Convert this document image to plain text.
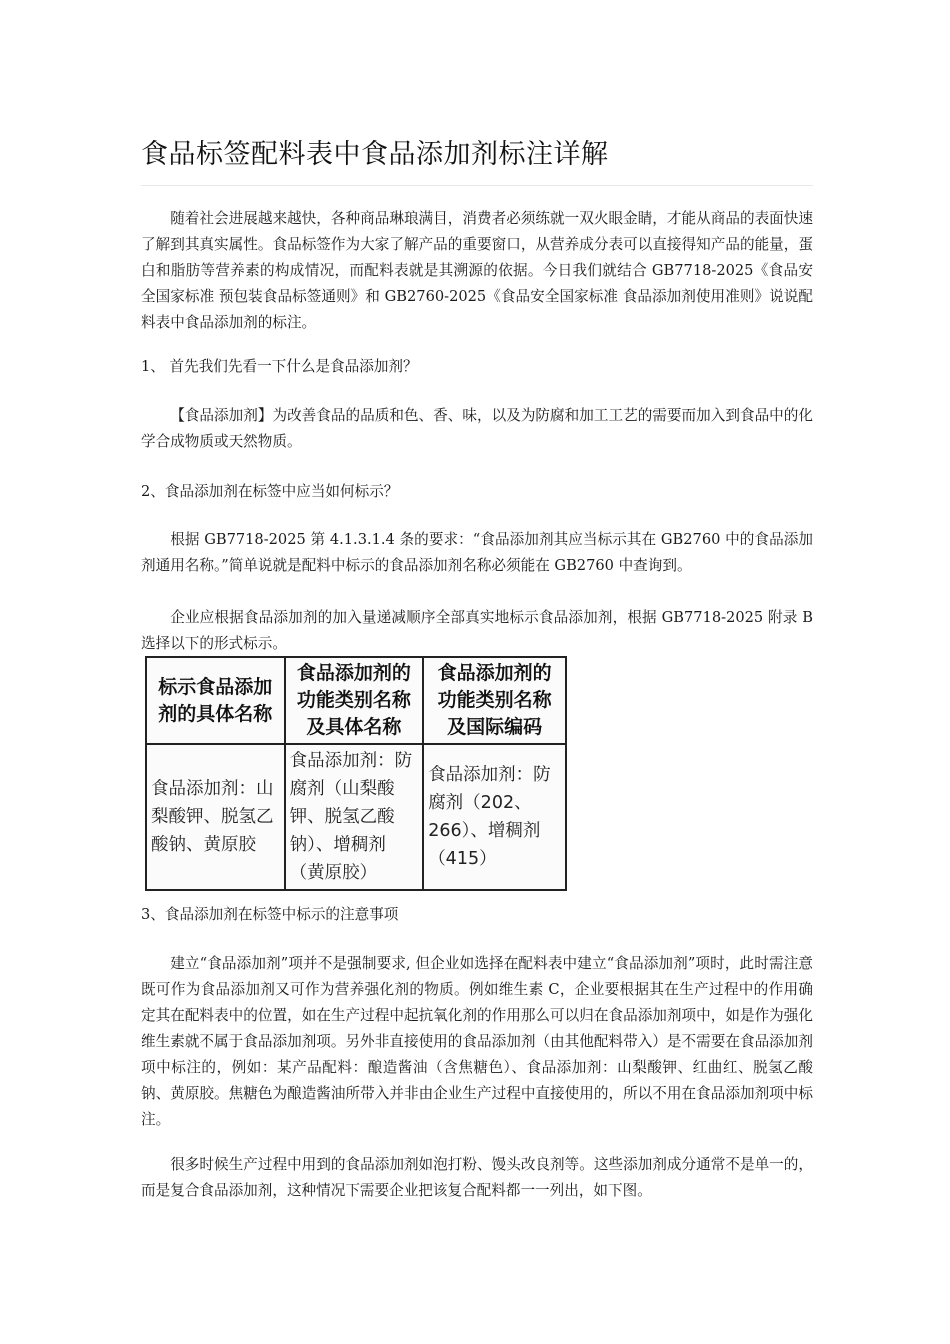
食品标签配料表中食品添加剂标注详解

随着社会进展越来越快，各种商品琳琅满目，消费者必须练就一双火眼金睛，才能从商品的表面快速了解到其真实属性。食品标签作为大家了解产品的重要窗口，从营养成分表可以直接得知产品的能量，蛋白和脂肪等营养素的构成情况，而配料表就是其溯源的依据。今日我们就结合 GB7718-2025《食品安全国家标准 预包装食品标签通则》和 GB2760-2025《食品安全国家标准 食品添加剂使用准则》说说配料表中食品添加剂的标注。

1、 首先我们先看一下什么是食品添加剂？

【食品添加剂】为改善食品的品质和色、香、味，以及为防腐和加工工艺的需要而加入到食品中的化学合成物质或天然物质。

2、食品添加剂在标签中应当如何标示？

根据 GB7718-2025 第 4.1.3.1.4 条的要求：“食品添加剂其应当标示其在 GB2760 中的食品添加剂通用名称。”简单说就是配料中标示的食品添加剂名称必须能在 GB2760 中查询到。

企业应根据食品添加剂的加入量递减顺序全部真实地标示食品添加剂，根据 GB7718-2025 附录 B 选择以下的形式标示。

标示食品添加剂的具体名称	食品添加剂的功能类别名称及具体名称	食品添加剂的功能类别名称及国际编码
食品添加剂：山梨酸钾、脱氢乙酸钠、黄原胶	食品添加剂：防腐剂（山梨酸钾、脱氢乙酸钠）、增稠剂（黄原胶）	食品添加剂：防腐剂（202、266）、增稠剂（415）

3、食品添加剂在标签中标示的注意事项

建立“食品添加剂”项并不是强制要求, 但企业如选择在配料表中建立“食品添加剂”项时，此时需注意既可作为食品添加剂又可作为营养强化剂的物质。例如维生素 C，企业要根据其在生产过程中的作用确定其在配料表中的位置，如在生产过程中起抗氧化剂的作用那么可以归在食品添加剂项中，如是作为强化维生素就不属于食品添加剂项。另外非直接使用的食品添加剂（由其他配料带入）是不需要在食品添加剂项中标注的，例如：某产品配料：酿造酱油（含焦糖色）、食品添加剂：山梨酸钾、红曲红、脱氢乙酸钠、黄原胶。焦糖色为酿造酱油所带入并非由企业生产过程中直接使用的，所以不用在食品添加剂项中标注。

很多时候生产过程中用到的食品添加剂如泡打粉、馒头改良剂等。这些添加剂成分通常不是单一的，而是复合食品添加剂，这种情况下需要企业把该复合配料都一一列出，如下图。
